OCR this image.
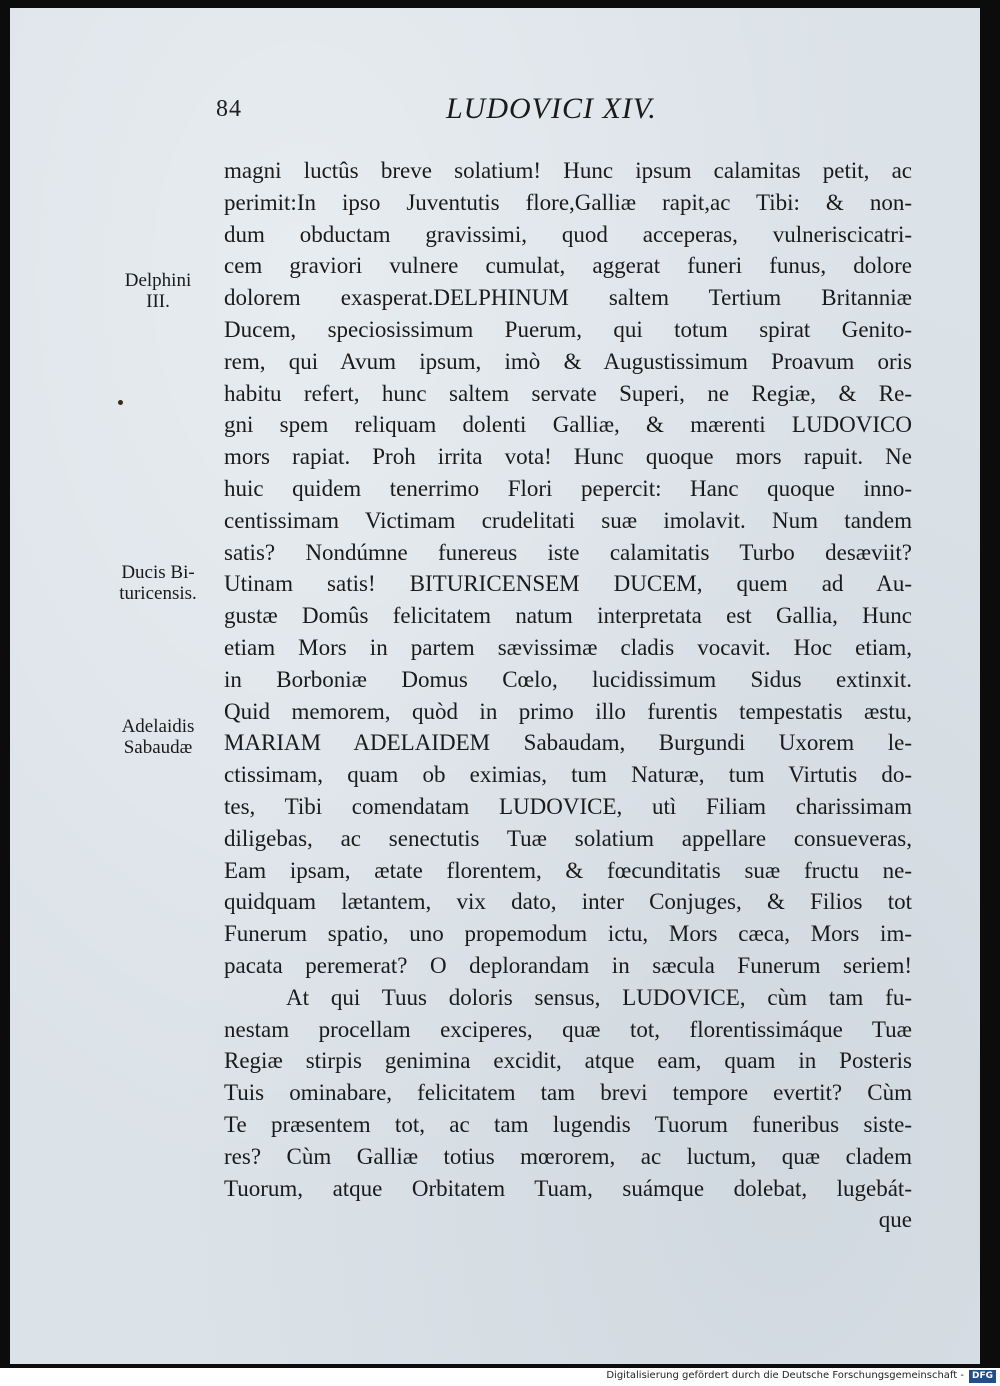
84	LUDOVICI XIV.
magni luctûs breve solatium! Hunc ipsum calamitas petit, ac
perimit:In ipso Juventutis flore,Galliæ rapit,ac Tibi: & non-
dum obductam gravissimi, quod acceperas, vulneriscicatri-
cem graviori vulnere cumulat, aggerat funeri funus, dolore
dolorem exasperat.DELPHINUM saltem Tertium Britanniæ
Ducem, speciosissimum Puerum, qui totum spirat Genito-
rem, qui Avum ipsum, imò & Augustissimum Proavum oris
habitu refert, hunc saltem servate Superi, ne Regiæ, & Re-
gni spem reliquam dolenti Galliæ, & mærenti LUDOVICO
mors rapiat. Proh irrita vota! Hunc quoque mors rapuit. Ne
huic quidem tenerrimo Flori pepercit: Hanc quoque inno-
centissimam Victimam crudelitati suæ imolavit. Num tandem
satis? Nondúmne funereus iste calamitatis Turbo desæviit?
Utinam satis! BITURICENSEM DUCEM, quem ad Au-
gustæ Domûs felicitatem natum interpretata est Gallia, Hunc
etiam Mors in partem sævissimæ cladis vocavit. Hoc etiam,
in Borboniæ Domus Cœlo, lucidissimum Sidus extinxit.
Quid memorem, quòd in primo illo furentis tempestatis æstu,
MARIAM ADELAIDEM Sabaudam, Burgundi Uxorem le-
ctissimam, quam ob eximias, tum Naturæ, tum Virtutis do-
tes, Tibi comendatam LUDOVICE, utì Filiam charissimam
diligebas, ac senectutis Tuæ solatium appellare consueveras,
Eam ipsam, ætate florentem, & fœcunditatis suæ fructu ne-
quidquam lætantem, vix dato, inter Conjuges, & Filios tot
Funerum spatio, uno propemodum ictu, Mors cæca, Mors im-
pacata peremerat? O deplorandam in sæcula Funerum seriem!
At qui Tuus doloris sensus, LUDOVICE, cùm tam fu-
nestam procellam exciperes, quæ tot, florentissimáque Tuæ
Regiæ stirpis genimina excidit, atque eam, quam in Posteris
Tuis ominabare, felicitatem tam brevi tempore evertit? Cùm
Te præsentem tot, ac tam lugendis Tuorum funeribus siste-
res? Cùm Galliæ totius mœrorem, ac luctum, quæ cladem
Tuorum, atque Orbitatem Tuam, suámque dolebat, lugebát-
que
Delphini
III.
Ducis Bi-
turicensis.
Adelaidis
Sabaudæ
Digitalisierung gefördert durch die Deutsche Forschungsgemeinschaft - DFG
